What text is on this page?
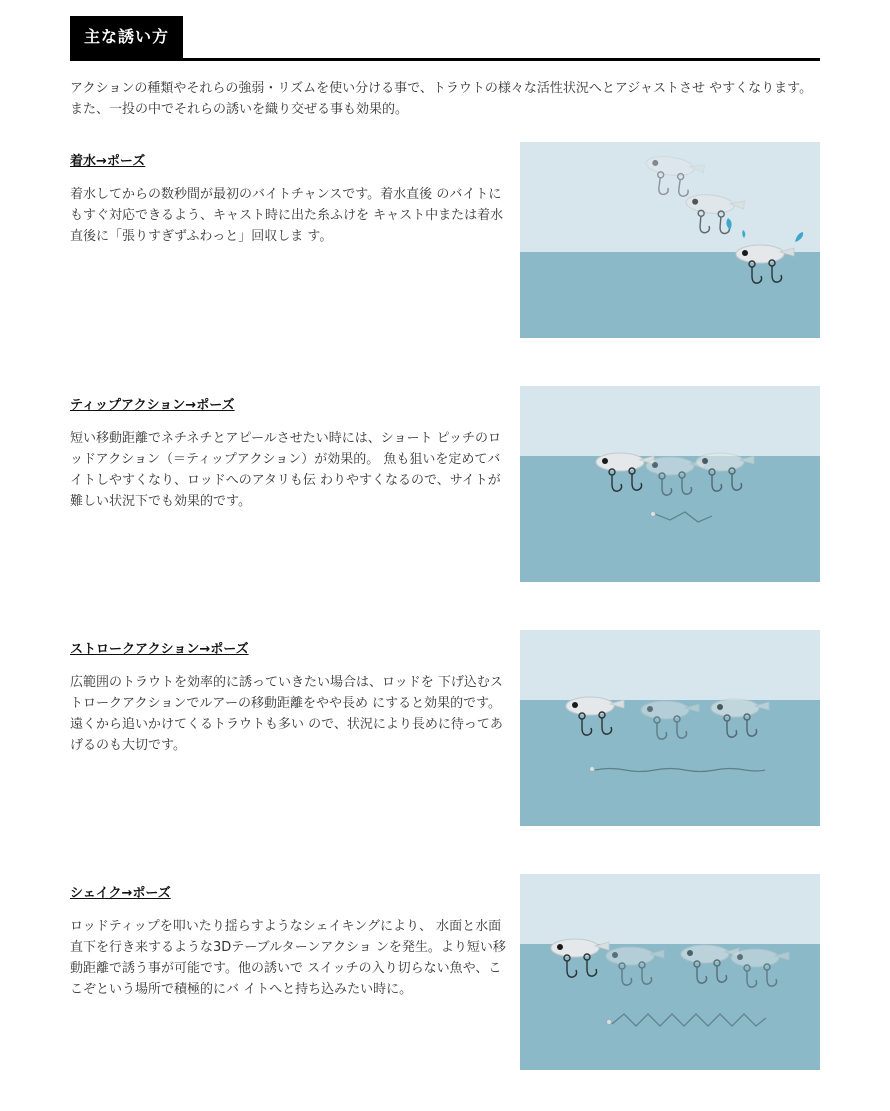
主な誘い方
アクションの種類やそれらの強弱・リズムを使い分ける事で、トラウトの様々な活性状況へとアジャストさせ やすくなります。また、一投の中でそれらの誘いを織り交ぜる事も効果的。
着水→ポーズ
着水してからの数秒間が最初のバイトチャンスです。着水直後 のバイトにもすぐ対応できるよう、キャスト時に出た糸ふけを キャスト中または着水直後に「張りすぎずふわっと」回収しま す。
ティップアクション→ポーズ
短い移動距離でネチネチとアピールさせたい時には、ショート ピッチのロッドアクション（＝ティップアクション）が効果的。 魚も狙いを定めてバイトしやすくなり、ロッドへのアタリも伝 わりやすくなるので、サイトが難しい状況下でも効果的です。
ストロークアクション→ポーズ
広範囲のトラウトを効率的に誘っていきたい場合は、ロッドを 下げ込むストロークアクションでルアーの移動距離をやや長め にすると効果的です。遠くから追いかけてくるトラウトも多い ので、状況により長めに待ってあげるのも大切です。
シェイク→ポーズ
ロッドティップを叩いたり揺らすようなシェイキングにより、 水面と水面直下を行き来するような3Dテーブルターンアクショ ンを発生。より短い移動距離で誘う事が可能です。他の誘いで スイッチの入り切らない魚や、ここぞという場所で積極的にバ イトへと持ち込みたい時に。
